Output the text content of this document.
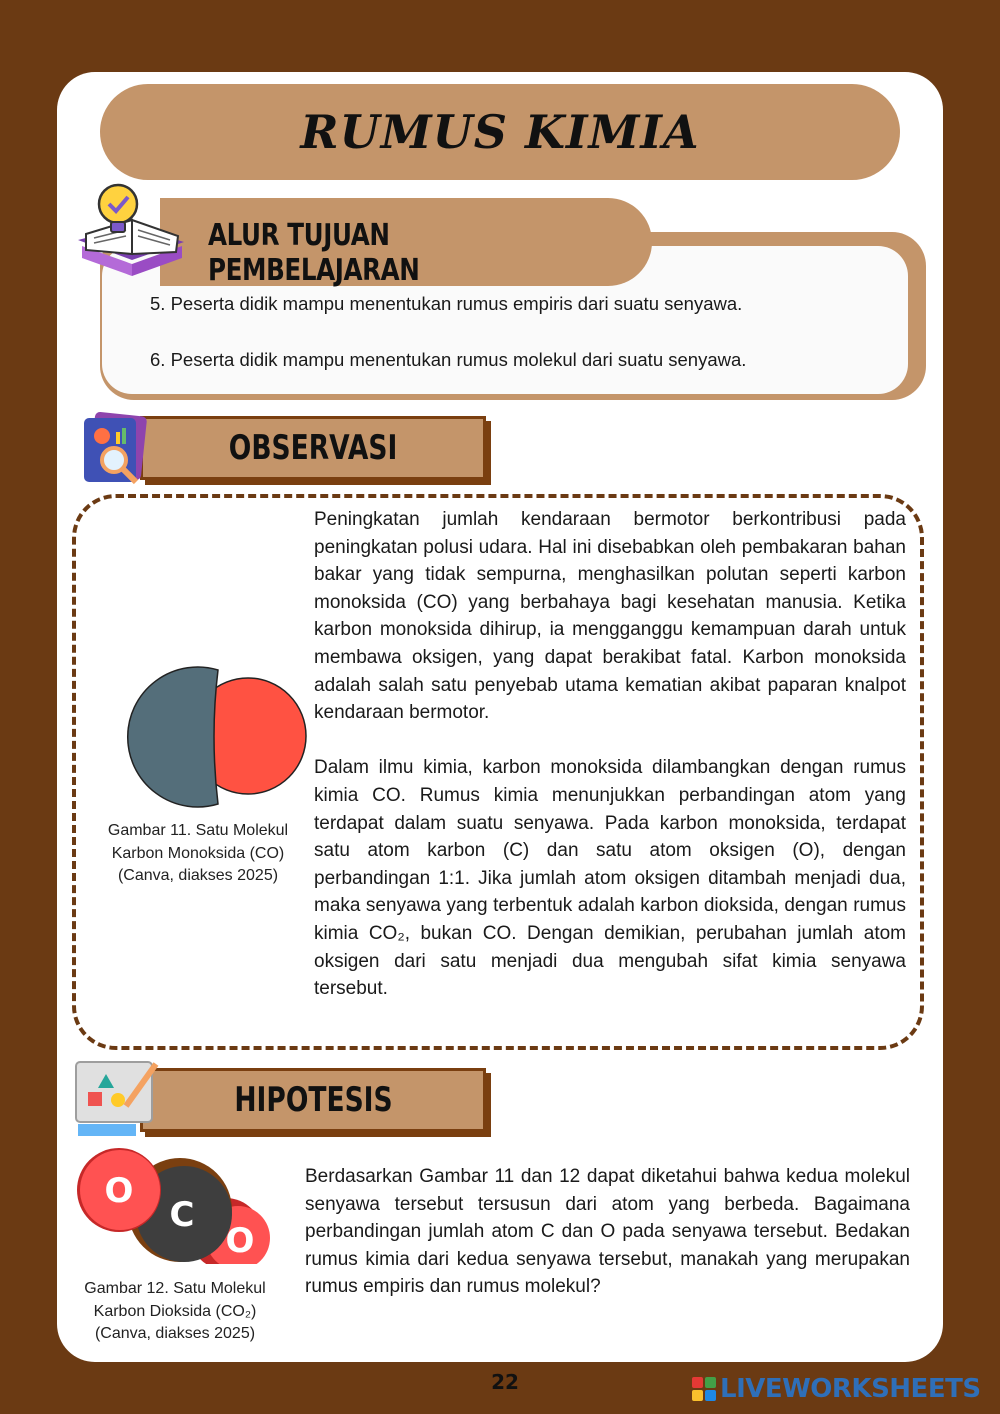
RUMUS KIMIA
ALUR TUJUAN PEMBELAJARAN
5. Peserta didik mampu menentukan rumus empiris dari suatu senyawa.
6. Peserta didik mampu menentukan rumus molekul dari suatu senyawa.
OBSERVASI
Gambar 11. Satu Molekul
Karbon Monoksida (CO)
(Canva, diakses 2025)

Peningkatan jumlah kendaraan bermotor berkontribusi pada peningkatan polusi udara. Hal ini disebabkan oleh pembakaran bahan bakar yang tidak sempurna, menghasilkan polutan seperti karbon monoksida (CO) yang berbahaya bagi kesehatan manusia. Ketika karbon monoksida dihirup, ia mengganggu kemampuan darah untuk membawa oksigen, yang dapat berakibat fatal. Karbon monoksida adalah salah satu penyebab utama kematian akibat paparan knalpot kendaraan bermotor.

Dalam ilmu kimia, karbon monoksida dilambangkan dengan rumus kimia CO. Rumus kimia menunjukkan perbandingan atom yang terdapat dalam suatu senyawa. Pada karbon monoksida, terdapat satu atom karbon (C) dan satu atom oksigen (O), dengan perbandingan 1:1. Jika jumlah atom oksigen ditambah menjadi dua, maka senyawa yang terbentuk adalah karbon dioksida, dengan rumus kimia CO₂, bukan CO. Dengan demikian, perubahan jumlah atom oksigen dari satu menjadi dua mengubah sifat kimia senyawa tersebut.

HIPOTESIS
O
C
O
Gambar 12. Satu Molekul
Karbon Dioksida (CO₂)
(Canva, diakses 2025)
Berdasarkan Gambar 11 dan 12 dapat diketahui bahwa kedua molekul senyawa tersebut tersusun dari atom yang berbeda. Bagaimana perbandingan jumlah atom C dan O pada senyawa tersebut. Bedakan rumus kimia dari kedua senyawa tersebut, manakah yang merupakan rumus empiris dan rumus molekul?
22	LIVEWORKSHEETS
